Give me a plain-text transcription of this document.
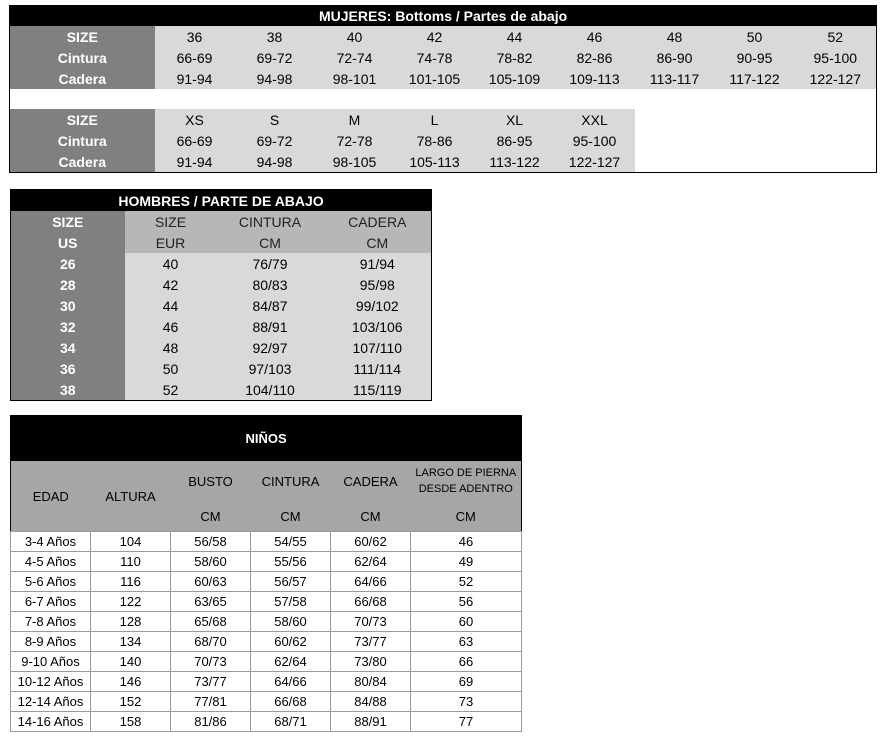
MUJERES: Bottoms / Partes de abajo									
SIZE	36	38	40	42	44	46	48	50	52
Cintura	66-69	69-72	72-74	74-78	78-82	82-86	86-90	90-95	95-100
Cadera	91-94	94-98	98-101	101-105	105-109	109-113	113-117	117-122	122-127

SIZE	XS	S	M	L	XL	XXL			
Cintura	66-69	69-72	72-78	78-86	86-95	95-100			
Cadera	91-94	94-98	98-105	105-113	113-122	122-127			
HOMBRES / PARTE DE ABAJO			
SIZE	SIZE	CINTURA	CADERA
US	EUR	CM	CM
26	40	76/79	91/94
28	42	80/83	95/98
30	44	84/87	99/102
32	46	88/91	103/106
34	48	92/97	107/110
36	50	97/103	111/114
38	52	104/110	115/119
NIÑOS					
EDAD	ALTURA	BUSTO	CINTURA	CADERA	LARGO DE PIERNA DESDE ADENTRO
		CM	CM	CM	CM
3-4 Años	104	56/58	54/55	60/62	46
4-5 Años	110	58/60	55/56	62/64	49
5-6 Años	116	60/63	56/57	64/66	52
6-7 Años	122	63/65	57/58	66/68	56
7-8 Años	128	65/68	58/60	70/73	60
8-9 Años	134	68/70	60/62	73/77	63
9-10 Años	140	70/73	62/64	73/80	66
10-12 Años	146	73/77	64/66	80/84	69
12-14 Años	152	77/81	66/68	84/88	73
14-16 Años	158	81/86	68/71	88/91	77
